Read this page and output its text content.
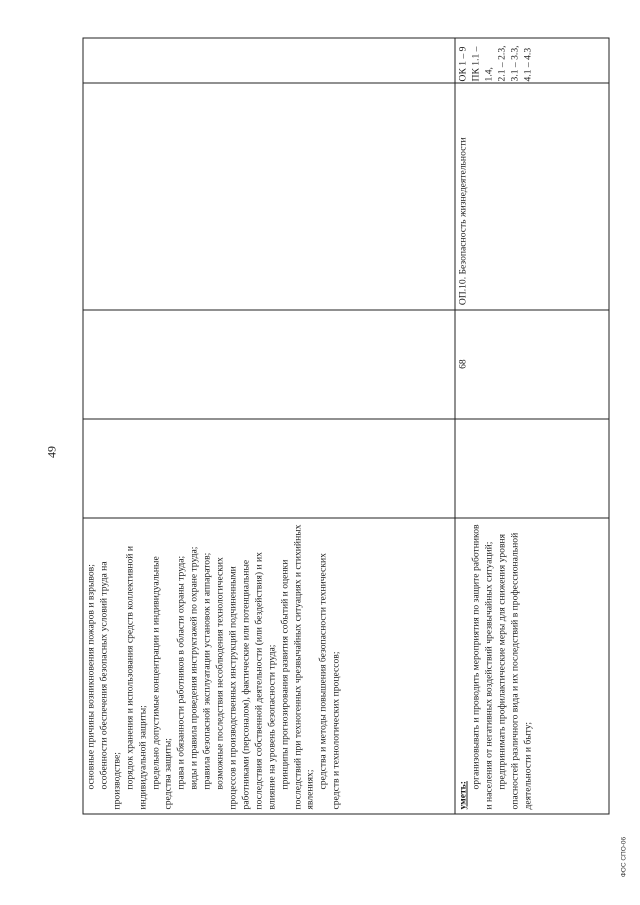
49

основные причины возникновения пожаров и взрывов; особенности обеспечения безопасных условий труда на производстве; порядок хранения и использования средств коллективной и индивидуальной защиты; предельно допустимые концентрации и индивидуальные средства защиты; права и обязанности работников в области охраны труда; виды и правила проведения инструктажей по охране труда; правила безопасной эксплуатации установок и аппаратов; возможные последствия несоблюдения технологических процессов и производственных инструкций подчиненными работниками (персоналом), фактические или потенциальные последствия собственной деятельности (или бездействия) и их влияние на уровень безопасности труда; принципы прогнозирования развития событий и оценки последствий при техногенных чрезвычайных ситуациях и стихийных явлениях; средства и методы повышения безопасности технических средств и технологических процессов;	уметь:

организовывать и проводить мероприятия по защите работников и населения от негативных воздействий чрезвычайных ситуаций; предпринимать профилактические меры для снижения уровня опасностей различного вида и их последствий в профессиональной деятельности и быту;

68
ОП.10. Безопасность жизнедеятельности

ОК 1 – 9 ПК 1.1 – 1.4, 2.1 – 2.3, 3.1 – 3.3, 4.1 – 4.3

ФОС СПО-06
